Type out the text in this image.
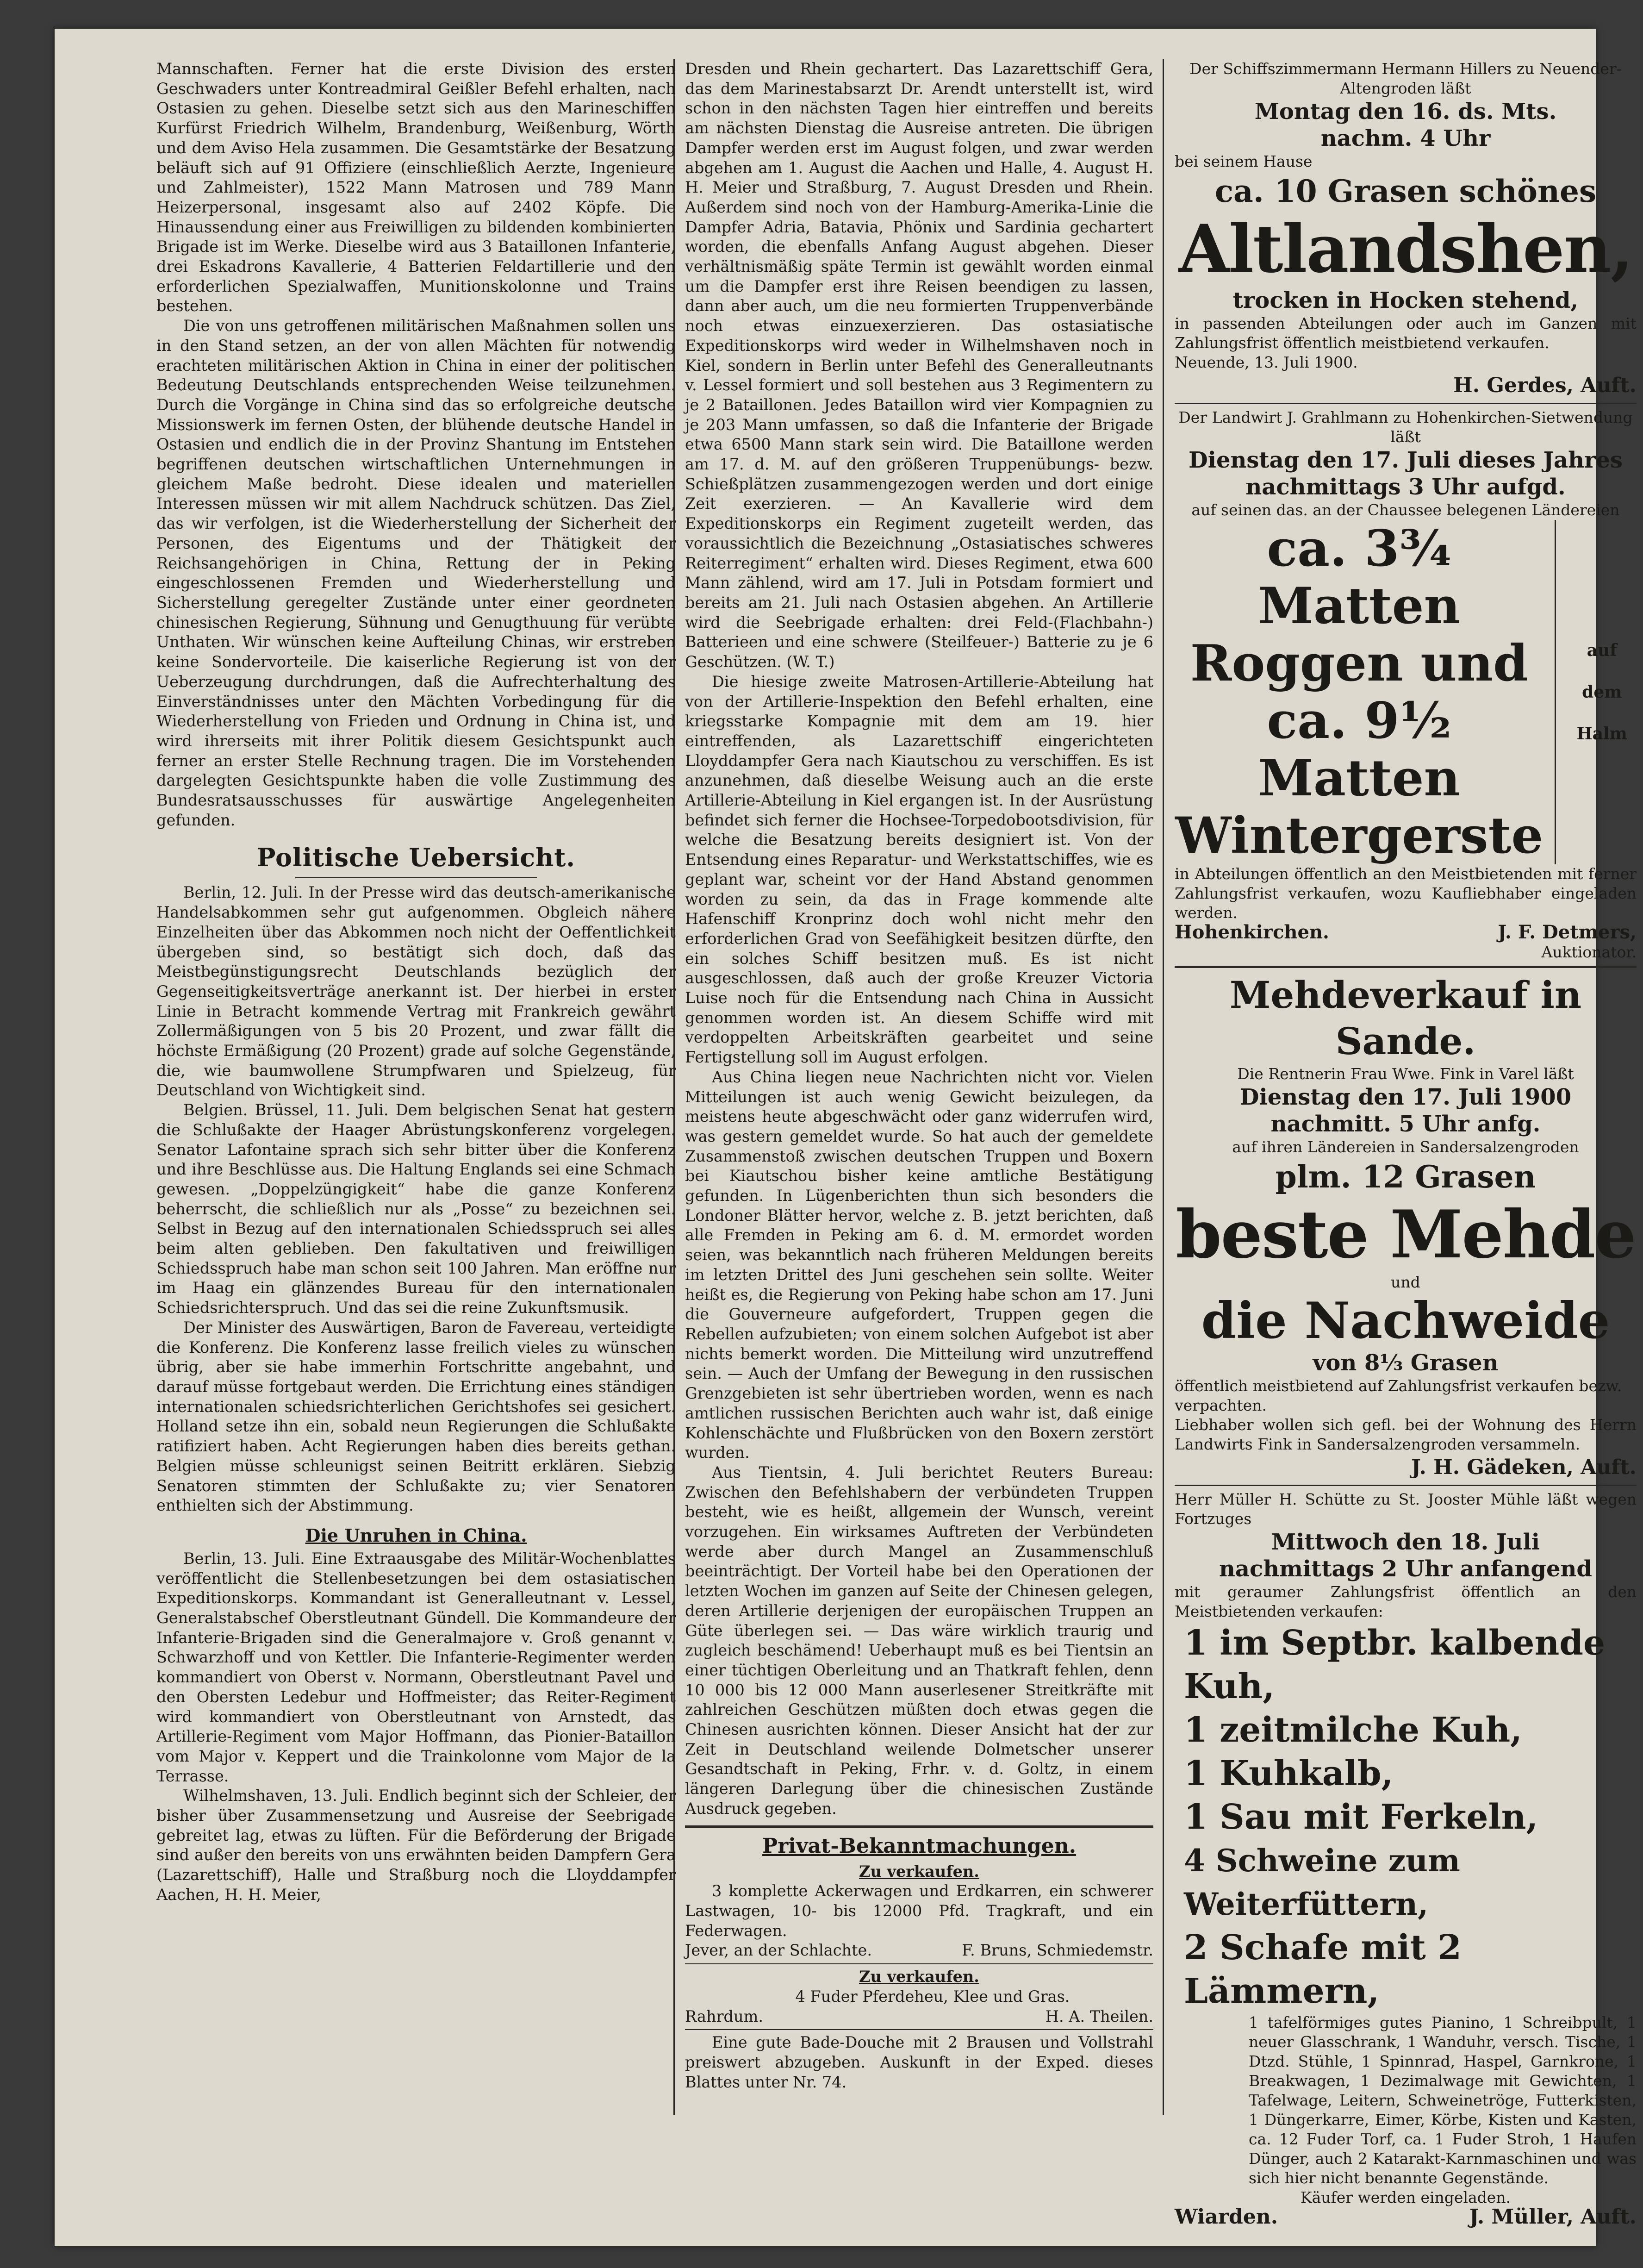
Mannschaften. Ferner hat die erste Division des ersten Geschwaders unter Kontreadmiral Geißler Befehl erhalten, nach Ostasien zu gehen. Dieselbe setzt sich aus den Marineschiffen Kurfürst Friedrich Wilhelm, Brandenburg, Weißenburg, Wörth und dem Aviso Hela zusammen. Die Gesamtstärke der Besatzung beläuft sich auf 91 Offiziere (einschließlich Aerzte, Ingenieure und Zahlmeister), 1522 Mann Matrosen und 789 Mann Heizerpersonal, insgesamt also auf 2402 Köpfe. Die Hinaussendung einer aus Freiwilligen zu bildenden kombinierten Brigade ist im Werke. Dieselbe wird aus 3 Bataillonen Infanterie, drei Eskadrons Kavallerie, 4 Batterien Feldartillerie und den erforderlichen Spezialwaffen, Munitionskolonne und Trains bestehen.

Die von uns getroffenen militärischen Maßnahmen sollen uns in den Stand setzen, an der von allen Mächten für notwendig erachteten militärischen Aktion in China in einer der politischen Bedeutung Deutschlands entsprechenden Weise teilzunehmen. Durch die Vorgänge in China sind das so erfolgreiche deutsche Missionswerk im fernen Osten, der blühende deutsche Handel in Ostasien und endlich die in der Provinz Shantung im Entstehen begriffenen deutschen wirtschaftlichen Unternehmungen in gleichem Maße bedroht. Diese idealen und materiellen Interessen müssen wir mit allem Nachdruck schützen. Das Ziel, das wir verfolgen, ist die Wiederherstellung der Sicherheit der Personen, des Eigentums und der Thätigkeit der Reichsangehörigen in China, Rettung der in Peking eingeschlossenen Fremden und Wiederherstellung und Sicherstellung geregelter Zustände unter einer geordneten chinesischen Regierung, Sühnung und Genugthuung für verübte Unthaten. Wir wünschen keine Aufteilung Chinas, wir erstreben keine Sondervorteile. Die kaiserliche Regierung ist von der Ueberzeugung durchdrungen, daß die Aufrechterhaltung des Einverständnisses unter den Mächten Vorbedingung für die Wiederherstellung von Frieden und Ordnung in China ist, und wird ihrerseits mit ihrer Politik diesem Gesichtspunkt auch ferner an erster Stelle Rechnung tragen. Die im Vorstehenden dargelegten Gesichtspunkte haben die volle Zustimmung des Bundesratsausschusses für auswärtige Angelegenheiten gefunden.

Politische Uebersicht.

Berlin, 12. Juli. In der Presse wird das deutsch-amerikanische Handelsabkommen sehr gut aufgenommen. Obgleich nähere Einzelheiten über das Abkommen noch nicht der Oeffentlichkeit übergeben sind, so bestätigt sich doch, daß das Meistbegünstigungsrecht Deutschlands bezüglich der Gegenseitigkeitsverträge anerkannt ist. Der hierbei in erster Linie in Betracht kommende Vertrag mit Frankreich gewährt Zollermäßigungen von 5 bis 20 Prozent, und zwar fällt die höchste Ermäßigung (20 Prozent) grade auf solche Gegenstände, die, wie baumwollene Strumpfwaren und Spielzeug, für Deutschland von Wichtigkeit sind.

Belgien. Brüssel, 11. Juli. Dem belgischen Senat hat gestern die Schlußakte der Haager Abrüstungskonferenz vorgelegen. Senator Lafontaine sprach sich sehr bitter über die Konferenz und ihre Beschlüsse aus. Die Haltung Englands sei eine Schmach gewesen. „Doppelzüngigkeit“ habe die ganze Konferenz beherrscht, die schließlich nur als „Posse“ zu bezeichnen sei. Selbst in Bezug auf den internationalen Schiedsspruch sei alles beim alten geblieben. Den fakultativen und freiwilligen Schiedsspruch habe man schon seit 100 Jahren. Man eröffne nur im Haag ein glänzendes Bureau für den internationalen Schiedsrichterspruch. Und das sei die reine Zukunftsmusik.

Der Minister des Auswärtigen, Baron de Favereau, verteidigte die Konferenz. Die Konferenz lasse freilich vieles zu wünschen übrig, aber sie habe immerhin Fortschritte angebahnt, und darauf müsse fortgebaut werden. Die Errichtung eines ständigen internationalen schiedsrichterlichen Gerichtshofes sei gesichert. Holland setze ihn ein, sobald neun Regierungen die Schlußakte ratifiziert haben. Acht Regierungen haben dies bereits gethan. Belgien müsse schleunigst seinen Beitritt erklären. Siebzig Senatoren stimmten der Schlußakte zu; vier Senatoren enthielten sich der Abstimmung.

Die Unruhen in China.

Berlin, 13. Juli. Eine Extraausgabe des Militär-Wochenblattes veröffentlicht die Stellenbesetzungen bei dem ostasiatischen Expeditionskorps. Kommandant ist Generalleutnant v. Lessel, Generalstabschef Oberstleutnant Gündell. Die Kommandeure der Infanterie-Brigaden sind die Generalmajore v. Groß genannt v. Schwarzhoff und von Kettler. Die Infanterie-Regimenter werden kommandiert von Oberst v. Normann, Oberstleutnant Pavel und den Obersten Ledebur und Hoffmeister; das Reiter-Regiment wird kommandiert von Oberstleutnant von Arnstedt, das Artillerie-Regiment vom Major Hoffmann, das Pionier-Bataillon vom Major v. Keppert und die Trainkolonne vom Major de la Terrasse.

Wilhelmshaven, 13. Juli. Endlich beginnt sich der Schleier, der bisher über Zusammensetzung und Ausreise der Seebrigade gebreitet lag, etwas zu lüften. Für die Beförderung der Brigade sind außer den bereits von uns erwähnten beiden Dampfern Gera (Lazarettschiff), Halle und Straßburg noch die Lloyddampfer Aachen, H. H. Meier,

Dresden und Rhein gechartert. Das Lazarettschiff Gera, das dem Marinestabsarzt Dr. Arendt unterstellt ist, wird schon in den nächsten Tagen hier eintreffen und bereits am nächsten Dienstag die Ausreise antreten. Die übrigen Dampfer werden erst im August folgen, und zwar werden abgehen am 1. August die Aachen und Halle, 4. August H. H. Meier und Straßburg, 7. August Dresden und Rhein. Außerdem sind noch von der Hamburg-Amerika-Linie die Dampfer Adria, Batavia, Phönix und Sardinia gechartert worden, die ebenfalls Anfang August abgehen. Dieser verhältnismäßig späte Termin ist gewählt worden einmal um die Dampfer erst ihre Reisen beendigen zu lassen, dann aber auch, um die neu formierten Truppenverbände noch etwas einzuexerzieren. Das ostasiatische Expeditionskorps wird weder in Wilhelmshaven noch in Kiel, sondern in Berlin unter Befehl des Generalleutnants v. Lessel formiert und soll bestehen aus 3 Regimentern zu je 2 Bataillonen. Jedes Bataillon wird vier Kompagnien zu je 203 Mann umfassen, so daß die Infanterie der Brigade etwa 6500 Mann stark sein wird. Die Bataillone werden am 17. d. M. auf den größeren Truppenübungs- bezw. Schießplätzen zusammengezogen werden und dort einige Zeit exerzieren. — An Kavallerie wird dem Expeditionskorps ein Regiment zugeteilt werden, das voraussichtlich die Bezeichnung „Ostasiatisches schweres Reiterregiment“ erhalten wird. Dieses Regiment, etwa 600 Mann zählend, wird am 17. Juli in Potsdam formiert und bereits am 21. Juli nach Ostasien abgehen. An Artillerie wird die Seebrigade erhalten: drei Feld-(Flachbahn-) Batterieen und eine schwere (Steilfeuer-) Batterie zu je 6 Geschützen. (W. T.)

Die hiesige zweite Matrosen-Artillerie-Abteilung hat von der Artillerie-Inspektion den Befehl erhalten, eine kriegsstarke Kompagnie mit dem am 19. hier eintreffenden, als Lazarettschiff eingerichteten Lloyddampfer Gera nach Kiautschou zu verschiffen. Es ist anzunehmen, daß dieselbe Weisung auch an die erste Artillerie-Abteilung in Kiel ergangen ist. In der Ausrüstung befindet sich ferner die Hochsee-Torpedobootsdivision, für welche die Besatzung bereits designiert ist. Von der Entsendung eines Reparatur- und Werkstattschiffes, wie es geplant war, scheint vor der Hand Abstand genommen worden zu sein, da das in Frage kommende alte Hafenschiff Kronprinz doch wohl nicht mehr den erforderlichen Grad von Seefähigkeit besitzen dürfte, den ein solches Schiff besitzen muß. Es ist nicht ausgeschlossen, daß auch der große Kreuzer Victoria Luise noch für die Entsendung nach China in Aussicht genommen worden ist. An diesem Schiffe wird mit verdoppelten Arbeitskräften gearbeitet und seine Fertigstellung soll im August erfolgen.

Aus China liegen neue Nachrichten nicht vor. Vielen Mitteilungen ist auch wenig Gewicht beizulegen, da meistens heute abgeschwächt oder ganz widerrufen wird, was gestern gemeldet wurde. So hat auch der gemeldete Zusammenstoß zwischen deutschen Truppen und Boxern bei Kiautschou bisher keine amtliche Bestätigung gefunden. In Lügenberichten thun sich besonders die Londoner Blätter hervor, welche z. B. jetzt berichten, daß alle Fremden in Peking am 6. d. M. ermordet worden seien, was bekanntlich nach früheren Meldungen bereits im letzten Drittel des Juni geschehen sein sollte. Weiter heißt es, die Regierung von Peking habe schon am 17. Juni die Gouverneure aufgefordert, Truppen gegen die Rebellen aufzubieten; von einem solchen Aufgebot ist aber nichts bemerkt worden. Die Mitteilung wird unzutreffend sein. — Auch der Umfang der Bewegung in den russischen Grenzgebieten ist sehr übertrieben worden, wenn es nach amtlichen russischen Berichten auch wahr ist, daß einige Kohlenschächte und Flußbrücken von den Boxern zerstört wurden.

Aus Tientsin, 4. Juli berichtet Reuters Bureau: Zwischen den Befehlshabern der verbündeten Truppen besteht, wie es heißt, allgemein der Wunsch, vereint vorzugehen. Ein wirksames Auftreten der Verbündeten werde aber durch Mangel an Zusammenschluß beeinträchtigt. Der Vorteil habe bei den Operationen der letzten Wochen im ganzen auf Seite der Chinesen gelegen, deren Artillerie derjenigen der europäischen Truppen an Güte überlegen sei. — Das wäre wirklich traurig und zugleich beschämend! Ueberhaupt muß es bei Tientsin an einer tüchtigen Oberleitung und an Thatkraft fehlen, denn 10 000 bis 12 000 Mann auserlesener Streitkräfte mit zahlreichen Geschützen müßten doch etwas gegen die Chinesen ausrichten können. Dieser Ansicht hat der zur Zeit in Deutschland weilende Dolmetscher unserer Gesandtschaft in Peking, Frhr. v. d. Goltz, in einem längeren Darlegung über die chinesischen Zustände Ausdruck gegeben.

Privat-Bekanntmachungen.
Zu verkaufen.

3 komplette Ackerwagen und Erdkarren, ein schwerer Lastwagen, 10- bis 12000 Pfd. Tragkraft, und ein Federwagen.

Jever, an der Schlachte.	F. Bruns, Schmiedemstr.
Zu verkaufen.

4 Fuder Pferdeheu, Klee und Gras.

Rahrdum.	H. A. Theilen.

Eine gute Bade-Douche mit 2 Brausen und Vollstrahl preiswert abzugeben. Auskunft in der Exped. dieses Blattes unter Nr. 74.

Der Schiffszimmermann Hermann Hillers zu Neuender-Altengroden läßt
Montag den 16. ds. Mts.
nachm. 4 Uhr
bei seinem Hause
ca. 10 Grasen schönes
Altlandshen,
trocken in Hocken stehend,
in passenden Abteilungen oder auch im Ganzen mit Zahlungsfrist öffentlich meistbietend verkaufen.
Neuende, 13. Juli 1900.
H. Gerdes, Auft.
Der Landwirt J. Grahlmann zu Hohenkirchen-Sietwendung läßt
Dienstag den 17. Juli dieses Jahres
nachmittags 3 Uhr aufgd.
auf seinen das. an der Chaussee belegenen Ländereien
ca. 3¾ Matten
Roggen und
ca. 9½ Matten
Wintergerste
auf dem
Halm
in Abteilungen öffentlich an den Meistbietenden mit ferner Zahlungsfrist verkaufen, wozu Kaufliebhaber eingeladen werden.
Hohenkirchen.	J. F. Detmers,
Auktionator.
Mehdeverkauf in Sande.
Die Rentnerin Frau Wwe. Fink in Varel läßt
Dienstag den 17. Juli 1900
nachmitt. 5 Uhr anfg.
auf ihren Ländereien in Sandersalzengroden
plm. 12 Grasen
beste Mehde
und
die Nachweide
von 8⅓ Grasen
öffentlich meistbietend auf Zahlungsfrist verkaufen bezw. verpachten.
Liebhaber wollen sich gefl. bei der Wohnung des Herrn Landwirts Fink in Sandersalzengroden versammeln.
J. H. Gädeken, Auft.
Herr Müller H. Schütte zu St. Jooster Mühle läßt wegen Fortzuges
Mittwoch den 18. Juli
nachmittags 2 Uhr anfangend
mit geraumer Zahlungsfrist öffentlich an den Meistbietenden verkaufen:
1 im Septbr. kalbende Kuh,
1 zeitmilche Kuh,
1 Kuhkalb,
1 Sau mit Ferkeln,
4 Schweine zum Weiterfüttern,
2 Schafe mit 2 Lämmern,
1 tafelförmiges gutes Pianino, 1 Schreibpult, 1 neuer Glasschrank, 1 Wanduhr, versch. Tische, 1 Dtzd. Stühle, 1 Spinnrad, Haspel, Garnkrone, 1 Breakwagen, 1 Dezimalwage mit Gewichten, 1 Tafelwage, Leitern, Schweinetröge, Futterkisten, 1 Düngerkarre, Eimer, Körbe, Kisten und Kasten, ca. 12 Fuder Torf, ca. 1 Fuder Stroh, 1 Haufen Dünger, auch 2 Katarakt-Karnmaschinen und was sich hier nicht benannte Gegenstände.
Käufer werden eingeladen.
Wiarden.	J. Müller, Auft.
